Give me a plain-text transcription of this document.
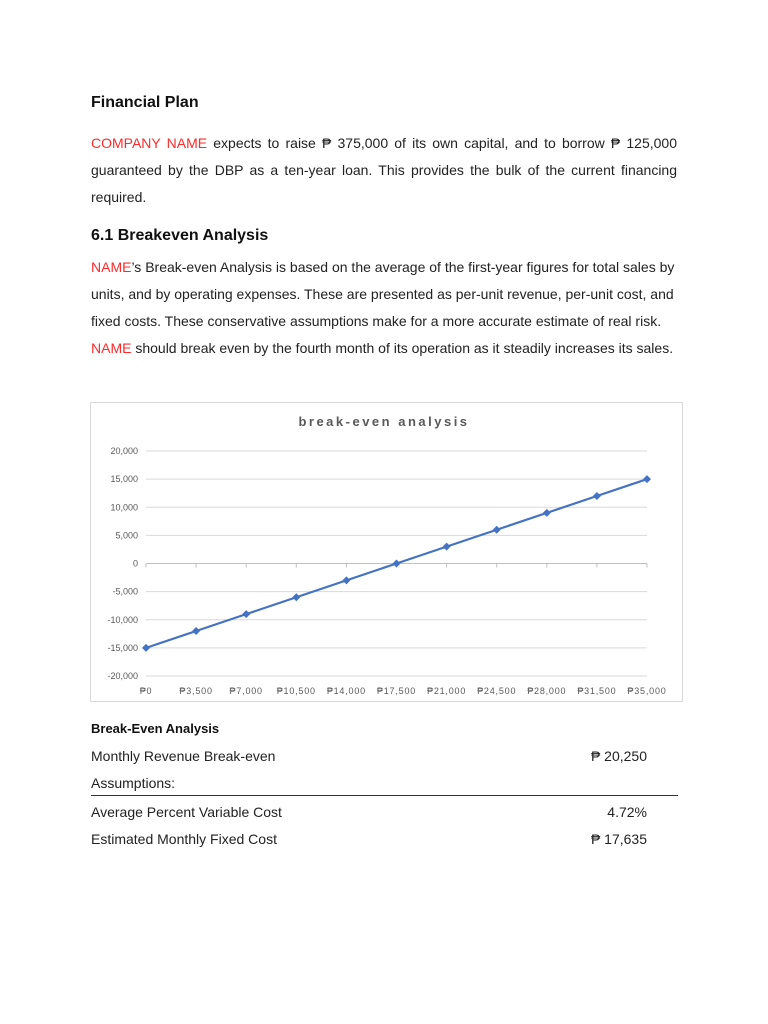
Financial Plan
COMPANY NAME expects to raise ₱ 375,000 of its own capital, and to borrow ₱ 125,000 guaranteed by the DBP as a ten-year loan. This provides the bulk of the current financing required.
6.1 Breakeven Analysis
NAME’s Break-even Analysis is based on the average of the first-year figures for total sales by units, and by operating expenses. These are presented as per-unit revenue, per-unit cost, and fixed costs. These conservative assumptions make for a more accurate estimate of real risk. NAME should break even by the fourth month of its operation as it steadily increases its sales.
break-even analysis
20,000
15,000
10,000
5,000
0
-5,000
-10,000
-15,000
-20,000
₱0	₱3,500 ₱7,000 ₱10,500 ₱14,000 ₱17,500 ₱21,000 ₱24,500 ₱28,000 ₱31,500 ₱35,000
Break-Even Analysis
Monthly Revenue Break-even	₱ 20,250
Assumptions:
Average Percent Variable Cost	4.72%
Estimated Monthly Fixed Cost	₱ 17,635
